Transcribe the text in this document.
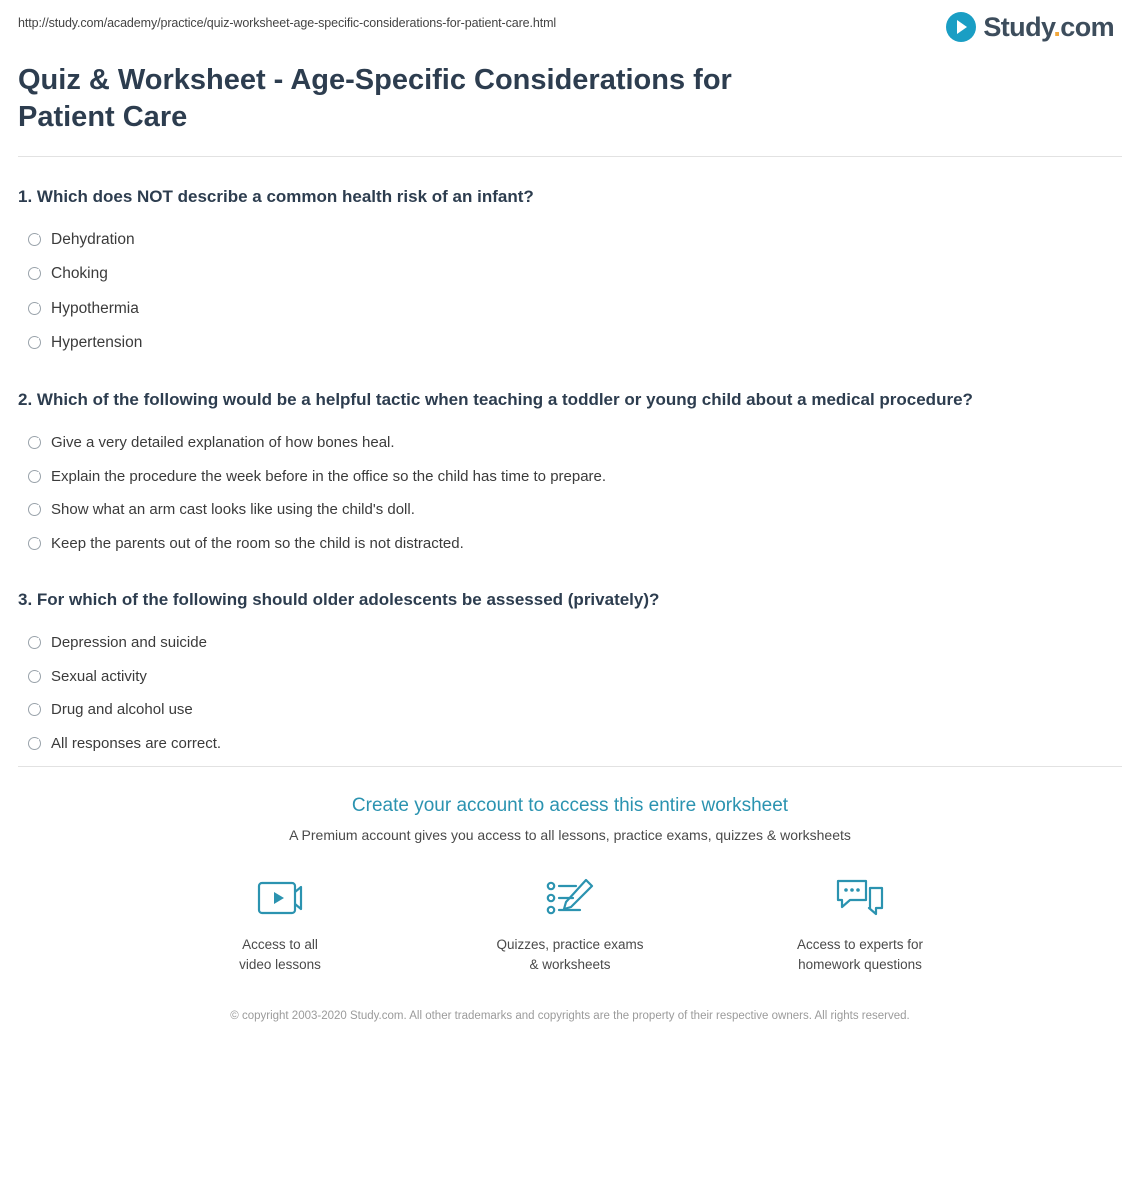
http://study.com/academy/practice/quiz-worksheet-age-specific-considerations-for-patient-care.html	Study.com
Quiz & Worksheet - Age-Specific Considerations for Patient Care

1. Which does NOT describe a common health risk of an infant?

Dehydration
Choking
Hypothermia
Hypertension

2. Which of the following would be a helpful tactic when teaching a toddler or young child about a medical procedure?

Give a very detailed explanation of how bones heal.
Explain the procedure the week before in the office so the child has time to prepare.
Show what an arm cast looks like using the child's doll.
Keep the parents out of the room so the child is not distracted.

3. For which of the following should older adolescents be assessed (privately)?

Depression and suicide
Sexual activity
Drug and alcohol use
All responses are correct.
Create your account to access this entire worksheet

A Premium account gives you access to all lessons, practice exams, quizzes & worksheets

Access to all
video lessons
Quizzes, practice exams
& worksheets
Access to experts for
homework questions
© copyright 2003-2020 Study.com. All other trademarks and copyrights are the property of their respective owners. All rights reserved.
